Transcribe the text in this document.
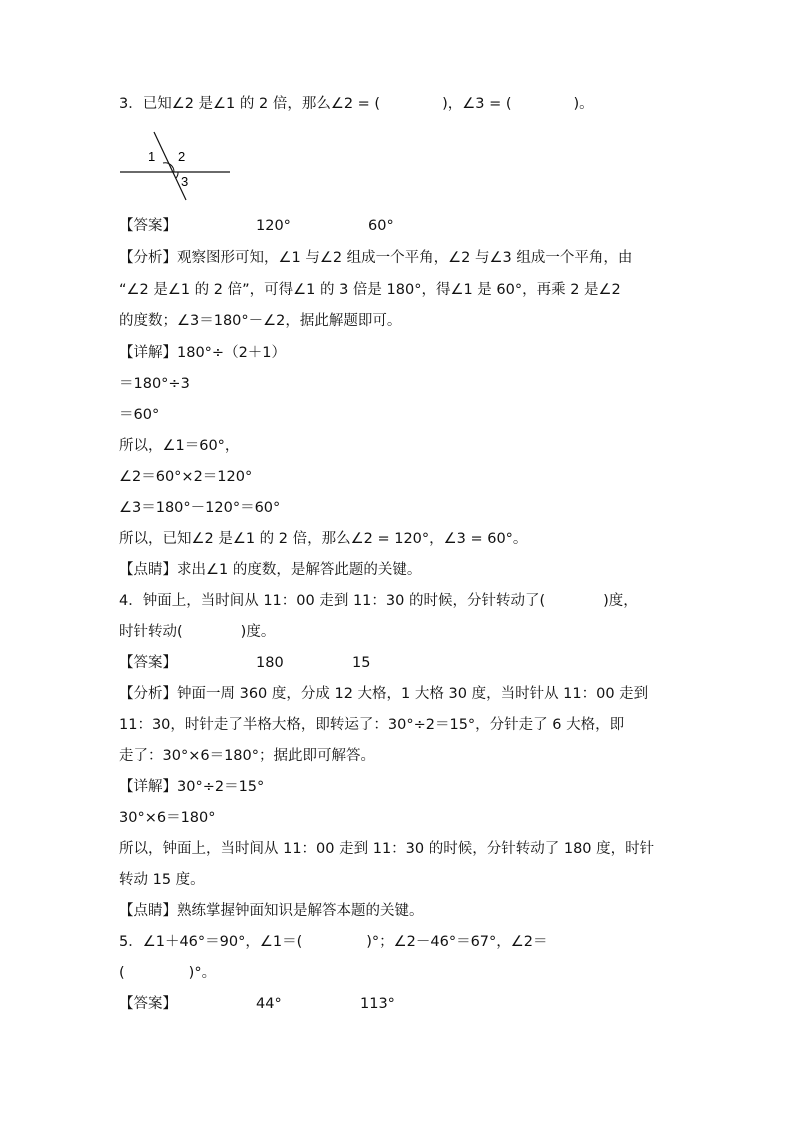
3．已知∠2 是∠1 的 2 倍，那么∠2 = (	)，∠3 = (	)。
1 2
3
【答案】	120°	60°
【分析】观察图形可知，∠1 与∠2 组成一个平角，∠2 与∠3 组成一个平角，由
“∠2 是∠1 的 2 倍”，可得∠1 的 3 倍是 180°，得∠1 是 60°，再乘 2 是∠2
的度数；∠3＝180°－∠2，据此解题即可。
【详解】180°÷（2＋1）
＝180°÷3
＝60°
所以，∠1＝60°，
∠2＝60°×2＝120°
∠3＝180°－120°＝60°
所以，已知∠2 是∠1 的 2 倍，那么∠2 = 120°，∠3 = 60°。
【点睛】求出∠1 的度数，是解答此题的关键。
4．钟面上，当时间从 11：00 走到 11：30 的时候，分针转动了(	)度，
时针转动(	)度。
【答案】	180	15
【分析】钟面一周 360 度，分成 12 大格，1 大格 30 度，当时针从 11：00 走到
11：30，时针走了半格大格，即转运了：30°÷2＝15°，分针走了 6 大格，即
走了：30°×6＝180°；据此即可解答。
【详解】30°÷2＝15°
30°×6＝180°
所以，钟面上，当时间从 11：00 走到 11：30 的时候，分针转动了 180 度，时针
转动 15 度。
【点睛】熟练掌握钟面知识是解答本题的关键。
5．∠1＋46°＝90°，∠1＝(	)°；∠2－46°＝67°，∠2＝
(	)°。
【答案】	44°	113°
